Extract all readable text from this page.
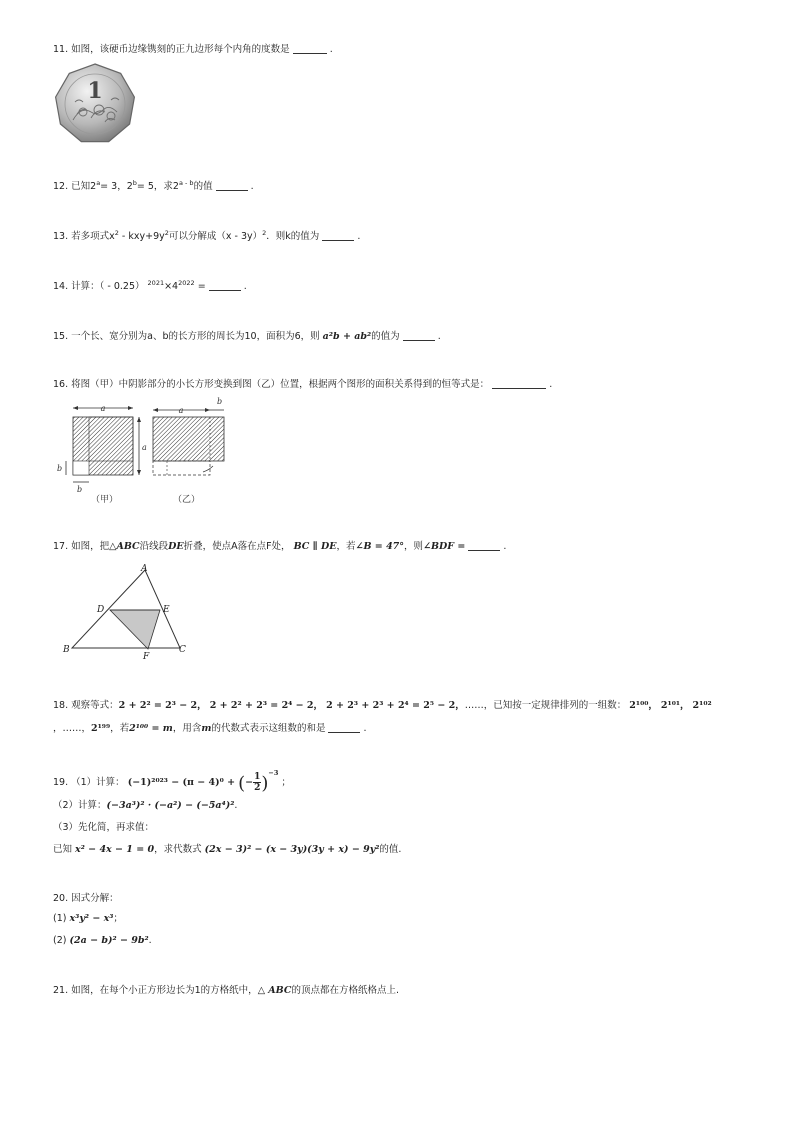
11. 如图，该硬币边缘镌刻的正九边形每个内角的度数是	.
1
12. 已知$2^a= 3$，$2^b= 5$，求2$^{a - b}$的值	.
13. 若多项式$x^2 - kxy+9y^2$可以分解成（x - 3y）$^2$．则k的值为	.
14. 计算：（ - 0.25） $^{2021}\times 4^{2022}$ =	.
15. 一个长、宽分别为a、b的长方形的周长为10，面积为6，则 a²b + ab²的值为	.
16. 将图（甲）中阴影部分的小长方形变换到图（乙）位置，根据两个图形的面积关系得到的恒等式是：	.
a
a
b
b
（甲）
a
b
（乙）
17. 如图，把△ABC沿线段DE折叠，使点A落在点F处， BC ∥ DE，若∠B = 47°，则∠BDF =	.
A
D	E
B	C
F
18. 观察等式：2 + 2² = 2³ − 2， 2 + 2² + 2³ = 2⁴ − 2， 2 + 2³ + 2³ + 2⁴ = 2⁵ − 2，……，已知按一定规律排列的一组数： 2¹⁰⁰， 2¹⁰¹， 2¹⁰²
，……，2¹⁹⁹，若2¹⁰⁰ = m，用含m的代数式表示这组数的和是	.
19. （1）计算： (−1)²⁰²³ − (π − 4)⁰ + (− $\frac{1}{2} )^{-3}$ ；
（2）计算：(−3a³)² · (−a²) − (−5a⁴)².
（3）先化简，再求值：
已知 x² − 4x − 1 = 0，求代数式 (2x − 3)² − (x − 3y)(3y + x) − 9y²的值.
20. 因式分解：
(1) x³y² − x³；
(2) (2a − b)² − 9b².
21. 如图，在每个小正方形边长为1的方格纸中，△ ABC的顶点都在方格纸格点上.
